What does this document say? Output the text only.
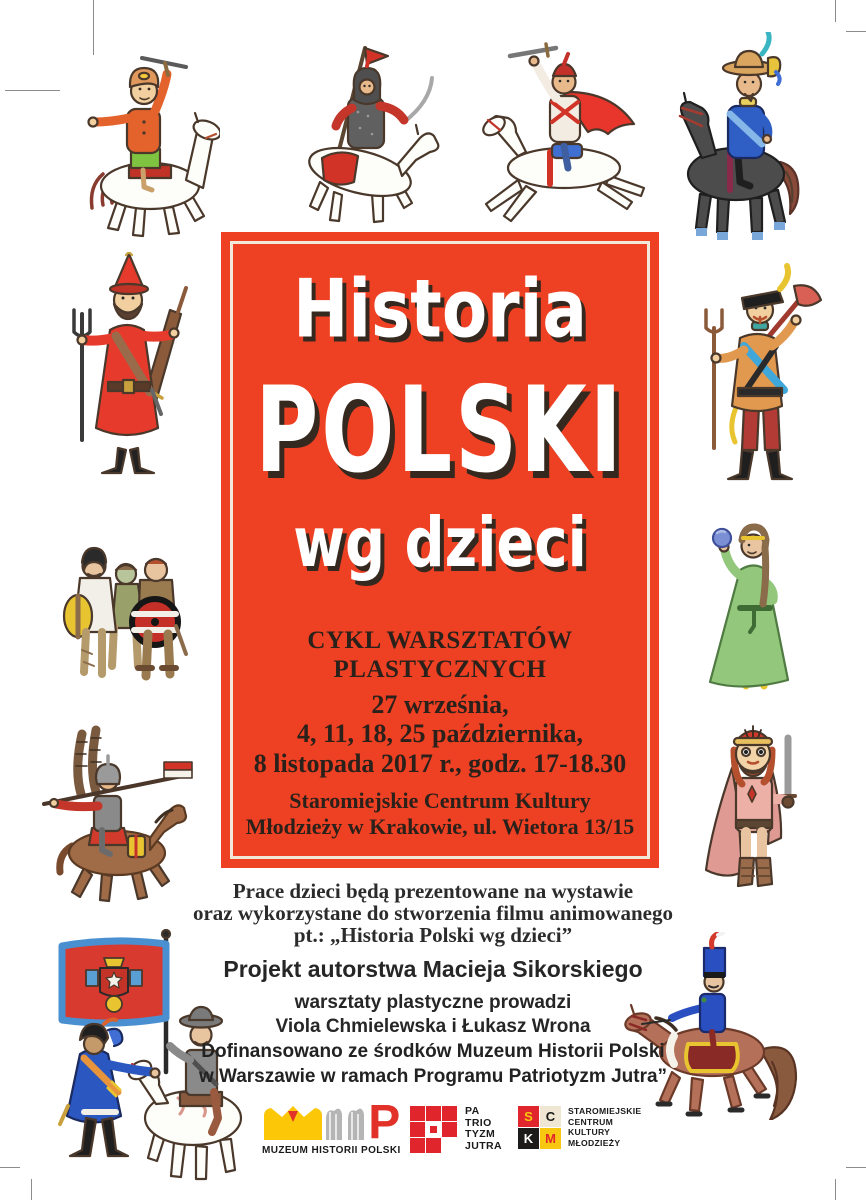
Historia
POLSKI
wg dzieci
CYKL WARSZTATÓW
PLASTYCZNYCH
27 września,
4, 11, 18, 25 października,
8 listopada 2017 r., godz. 17-18.30
Staromiejskie Centrum Kultury
Młodzieży w Krakowie, ul. Wietora 13/15
Prace dzieci będą prezentowane na wystawie
oraz wykorzystane do stworzenia filmu animowanego
pt.: „Historia Polski wg dzieci”
Projekt autorstwa Macieja Sikorskiego
warsztaty plastyczne prowadzi
Viola Chmielewska i Łukasz Wrona
Dofinansowano ze środków Muzeum Historii Polski
w Warszawie w ramach Programu Patriotyzm Jutra”
P
MUZEUM HISTORII POLSKI
PA
TRIO
TYZM
JUTRA
S C
K M
STAROMIEJSKIE
CENTRUM
KULTURY
MŁODZIEŻY
